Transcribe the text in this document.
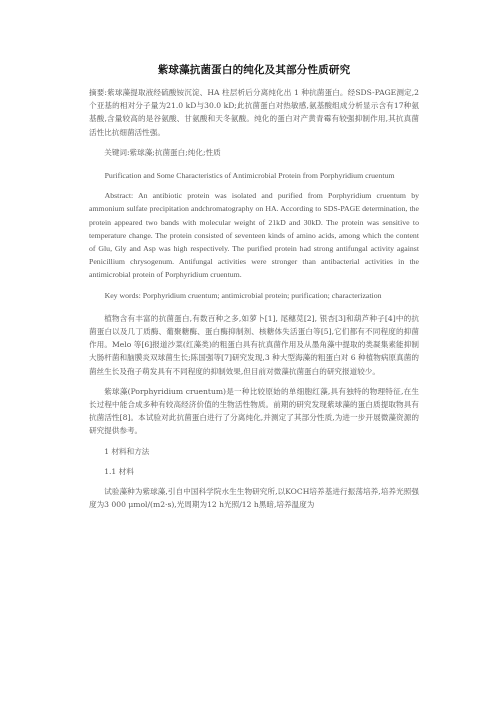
紫球藻抗菌蛋白的纯化及其部分性质研究

摘要:紫球藻提取液经硫酸铵沉淀、HA 柱层析后分离纯化出 1 种抗菌蛋白。经SDS-PAGE测定,2个亚基的相对分子量为21.0 kD与30.0 kD;此抗菌蛋白对热敏感,氨基酸组成分析显示含有17种氨基酸,含量较高的是谷氨酸、甘氨酸和天冬氨酸。纯化的蛋白对产黄青霉有较强抑制作用,其抗真菌活性比抗细菌活性强。

关键词:紫球藻;抗菌蛋白;纯化;性质

Purification and Some Characteristics of Antimicrobial Protein from Porphyridium cruentum

Abstract: An antibiotic protein was isolated and purified from Porphyridium cruentum by ammonium sulfate precipitation andchromatography on HA. According to SDS-PAGE determination, the protein appeared two bands with molecular weight of 21kD and 30kD. The protein was sensitive to temperature change. The protein consisted of seventeen kinds of amino acids, among which the content of Glu, Gly and Asp was high respectively. The purified protein had strong antifungal activity against Penicillium chrysogenum. Antifungal activities were stronger than antibacterial activities in the antimicrobial protein of Porphyridium cruentum.

Key words: Porphyridium cruentum; antimicrobial protein; purification; characterization

植物含有丰富的抗菌蛋白,有数百种之多,如萝卜[1], 尾穗苋[2], 银杏[3]和葫芦种子[4]中的抗菌蛋白以及几丁质酶、葡聚糖酶、蛋白酶抑制剂、核糖体失活蛋白等[5],它们都有不同程度的抑菌作用。Melo 等[6]报道沙菜(红藻类)的粗蛋白具有抗真菌作用及从墨角藻中提取的类凝集素能抑制大肠杆菌和脑膜炎双球菌生长;陈国强等[7]研究发现,3 种大型海藻的粗蛋白对 6 种植物病原真菌的菌丝生长及孢子萌发具有不同程度的抑制效果,但目前对微藻抗菌蛋白的研究报道较少。

紫球藻(Porphyridium cruentum)是一种比较原始的单细胞红藻,具有独特的物理特征,在生长过程中能合成多种有较高经济价值的生物活性物质。前期的研究发现紫球藻的蛋白质提取物具有抗菌活性[8]。本试验对此抗菌蛋白进行了分离纯化,并测定了其部分性质,为进一步开展微藻资源的研究提供参考。

1 材料和方法

1.1 材料

试验藻种为紫球藻,引自中国科学院水生生物研究所,以KOCH培养基进行振荡培养,培养光照强度为3 000 μmol/(m2·s),光周期为12 h光照/12 h黑暗,培养温度为
